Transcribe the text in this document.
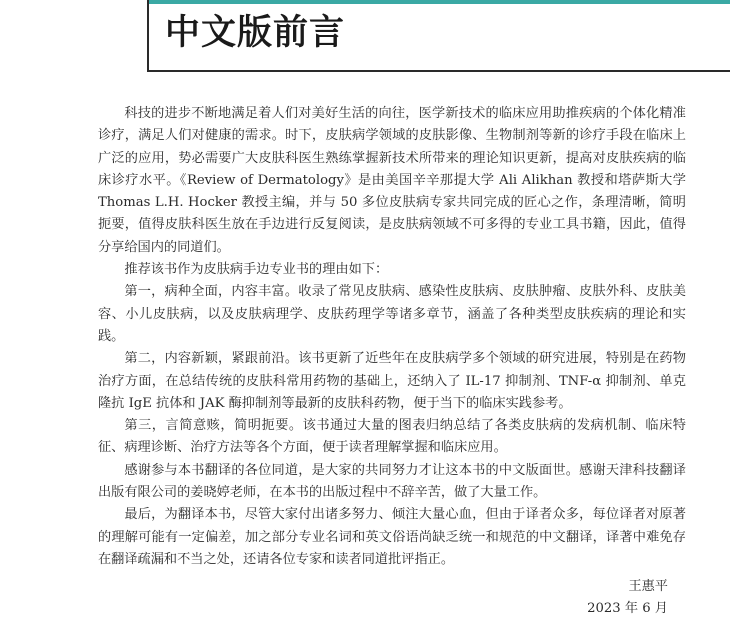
中文版前言

科技的进步不断地满足着人们对美好生活的向往，医学新技术的临床应用助推疾病的个体化精准诊疗，满足人们对健康的需求。时下，皮肤病学领域的皮肤影像、生物制剂等新的诊疗手段在临床上广泛的应用，势必需要广大皮肤科医生熟练掌握新技术所带来的理论知识更新，提高对皮肤疾病的临床诊疗水平。《Review of Dermatology》是由美国辛辛那提大学 Ali Alikhan 教授和塔萨斯大学 Thomas L.H. Hocker 教授主编，并与 50 多位皮肤病专家共同完成的匠心之作，条理清晰，简明扼要，值得皮肤科医生放在手边进行反复阅读，是皮肤病领域不可多得的专业工具书籍，因此，值得分享给国内的同道们。

推荐该书作为皮肤病手边专业书的理由如下：

第一，病种全面，内容丰富。收录了常见皮肤病、感染性皮肤病、皮肤肿瘤、皮肤外科、皮肤美容、小儿皮肤病，以及皮肤病理学、皮肤药理学等诸多章节，涵盖了各种类型皮肤疾病的理论和实践。

第二，内容新颖，紧跟前沿。该书更新了近些年在皮肤病学多个领域的研究进展，特别是在药物治疗方面，在总结传统的皮肤科常用药物的基础上，还纳入了 IL-17 抑制剂、TNF-α 抑制剂、单克隆抗 IgE 抗体和 JAK 酶抑制剂等最新的皮肤科药物，便于当下的临床实践参考。

第三，言简意赅，简明扼要。该书通过大量的图表归纳总结了各类皮肤病的发病机制、临床特征、病理诊断、治疗方法等各个方面，便于读者理解掌握和临床应用。

感谢参与本书翻译的各位同道，是大家的共同努力才让这本书的中文版面世。感谢天津科技翻译出版有限公司的姜晓婷老师，在本书的出版过程中不辞辛苦，做了大量工作。

最后，为翻译本书，尽管大家付出诸多努力、倾注大量心血，但由于译者众多，每位译者对原著的理解可能有一定偏差，加之部分专业名词和英文俗语尚缺乏统一和规范的中文翻译，译著中难免存在翻译疏漏和不当之处，还请各位专家和读者同道批评指正。

王惠平
2023 年 6 月
